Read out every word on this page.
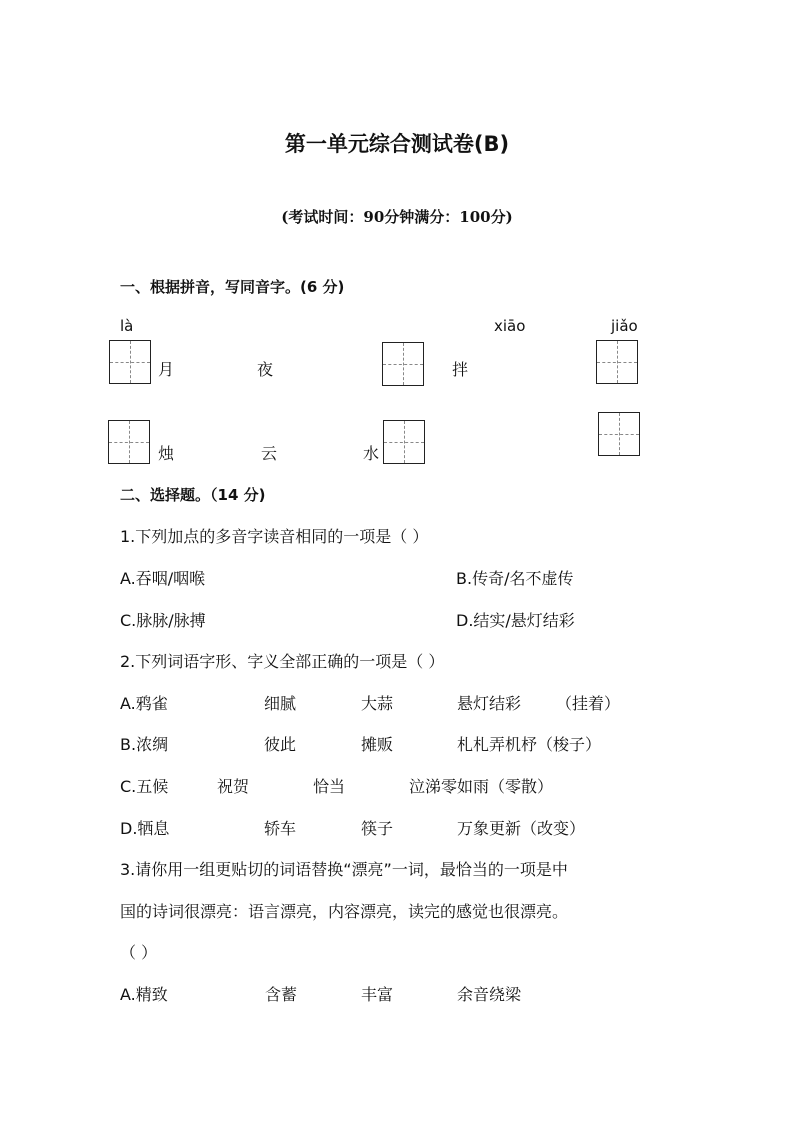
第一单元综合测试卷(B)
(考试时间：90分钟满分：100分)
一、根据拼音，写同音字。(6 分)
là	xiāo	jiǎo
月	夜	拌
烛	云	水
二、选择题。（14 分)
1.下列加点的多音字读音相同的一项是（ ）
A.吞咽/咽喉	B.传奇/名不虚传
C.脉脉/脉搏	D.结实/悬灯结彩
2.下列词语字形、字义全部正确的一项是（ ）
A.鸦雀	细腻	大蒜	悬灯结彩 （挂着）
B.浓绸	彼此	摊贩	札札弄机杼（梭子）
C.五候	祝贺	恰当	泣涕零如雨（零散）
D.牺息	轿车	筷子	万象更新（改变）
3.请你用一组更贴切的词语替换“漂亮”一词，最恰当的一项是中
国的诗词很漂亮：语言漂亮，内容漂亮，读完的感觉也很漂亮。
（ ）
A.精致	含蓄	丰富	余音绕梁
